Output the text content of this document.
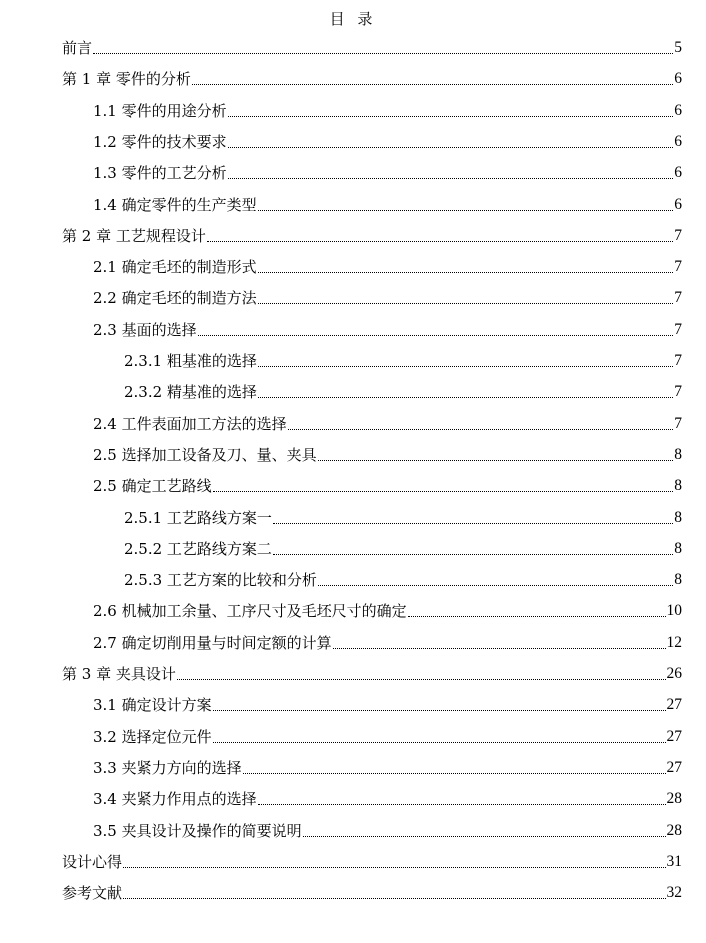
目 录
前言	5
第 1 章 零件的分析	6
1.1 零件的用途分析	6
1.2 零件的技术要求	6
1.3 零件的工艺分析	6
1.4 确定零件的生产类型	6
第 2 章 工艺规程设计	7
2.1 确定毛坯的制造形式	7
2.2 确定毛坯的制造方法	7
2.3 基面的选择	7
2.3.1 粗基准的选择	7
2.3.2 精基准的选择	7
2.4 工件表面加工方法的选择	7
2.5 选择加工设备及刀、量、夹具	8
2.5 确定工艺路线	8
2.5.1 工艺路线方案一	8
2.5.2 工艺路线方案二	8
2.5.3 工艺方案的比较和分析	8
2.6 机械加工余量、工序尺寸及毛坯尺寸的确定	10
2.7 确定切削用量与时间定额的计算	12
第 3 章 夹具设计	26
3.1 确定设计方案	27
3.2 选择定位元件	27
3.3 夹紧力方向的选择	27
3.4 夹紧力作用点的选择	28
3.5 夹具设计及操作的简要说明	28
设计心得	31
参考文献	32
